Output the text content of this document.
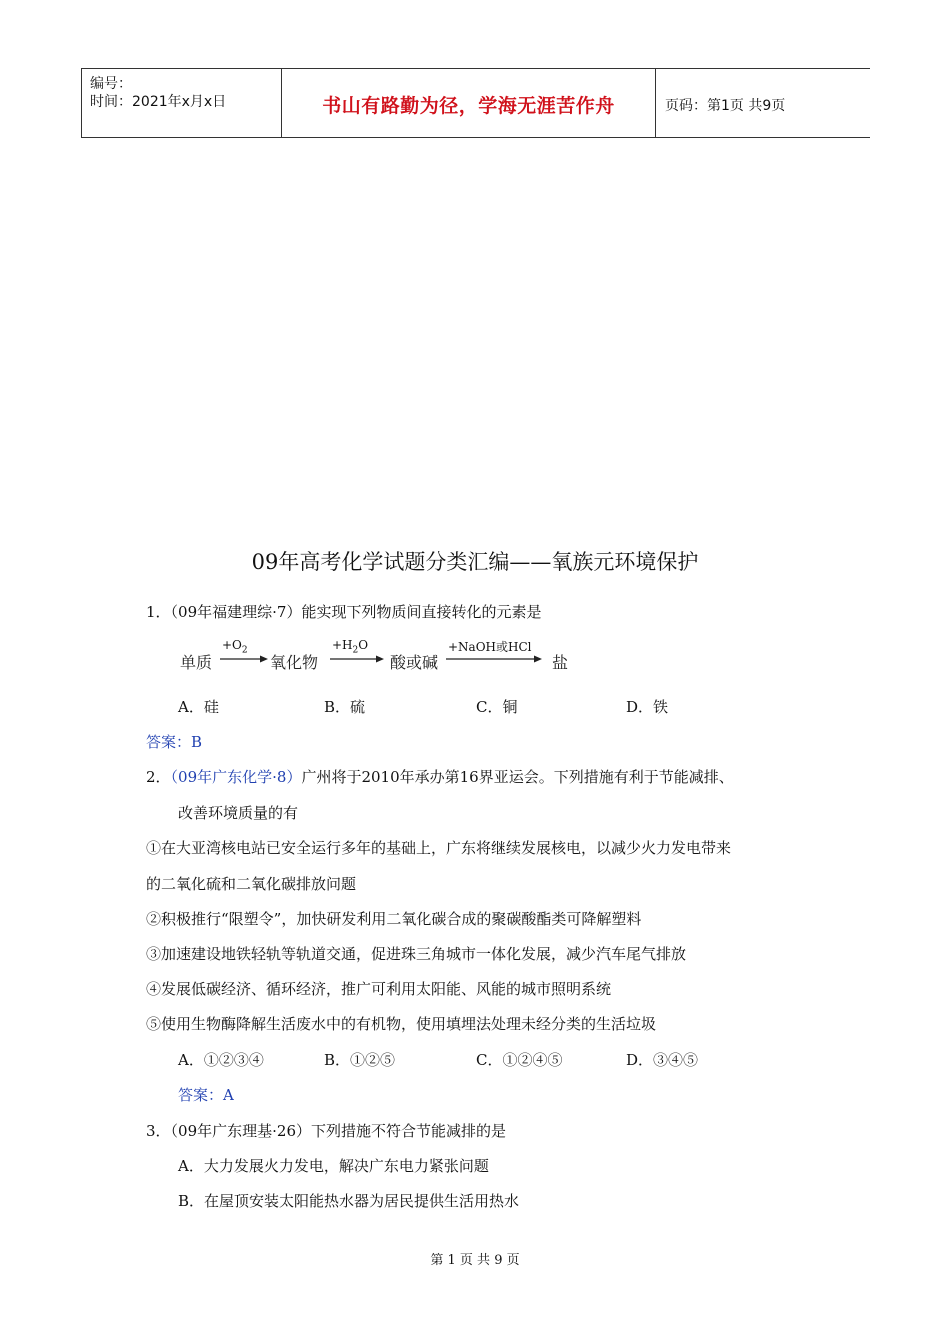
编号：
时间：2021年x月x日	书山有路勤为径，学海无涯苦作舟	页码：第1页 共9页
09年高考化学试题分类汇编——氧族元环境保护
1．（09年福建理综·7）能实现下列物质间直接转化的元素是
单质
$+O_2$
氧化物
$+H_2O$
酸或碱
+NaOH或HCl
盐
A．硅	B．硫	C．铜	D．铁
答案：B
2．（09年广东化学·8）广州将于2010年承办第16界亚运会。下列措施有利于节能减排、
改善环境质量的有
①在大亚湾核电站已安全运行多年的基础上，广东将继续发展核电，以减少火力发电带来
的二氧化硫和二氧化碳排放问题
②积极推行“限塑令”，加快研发利用二氧化碳合成的聚碳酸酯类可降解塑料
③加速建设地铁轻轨等轨道交通，促进珠三角城市一体化发展，减少汽车尾气排放
④发展低碳经济、循环经济，推广可利用太阳能、风能的城市照明系统
⑤使用生物酶降解生活废水中的有机物，使用填埋法处理未经分类的生活垃圾
A．①②③④	B．①②⑤	C．①②④⑤	D．③④⑤
答案：A
3．（09年广东理基·26）下列措施不符合节能减排的是
A．大力发展火力发电，解决广东电力紧张问题
B．在屋顶安装太阳能热水器为居民提供生活用热水
第 1 页 共 9 页
